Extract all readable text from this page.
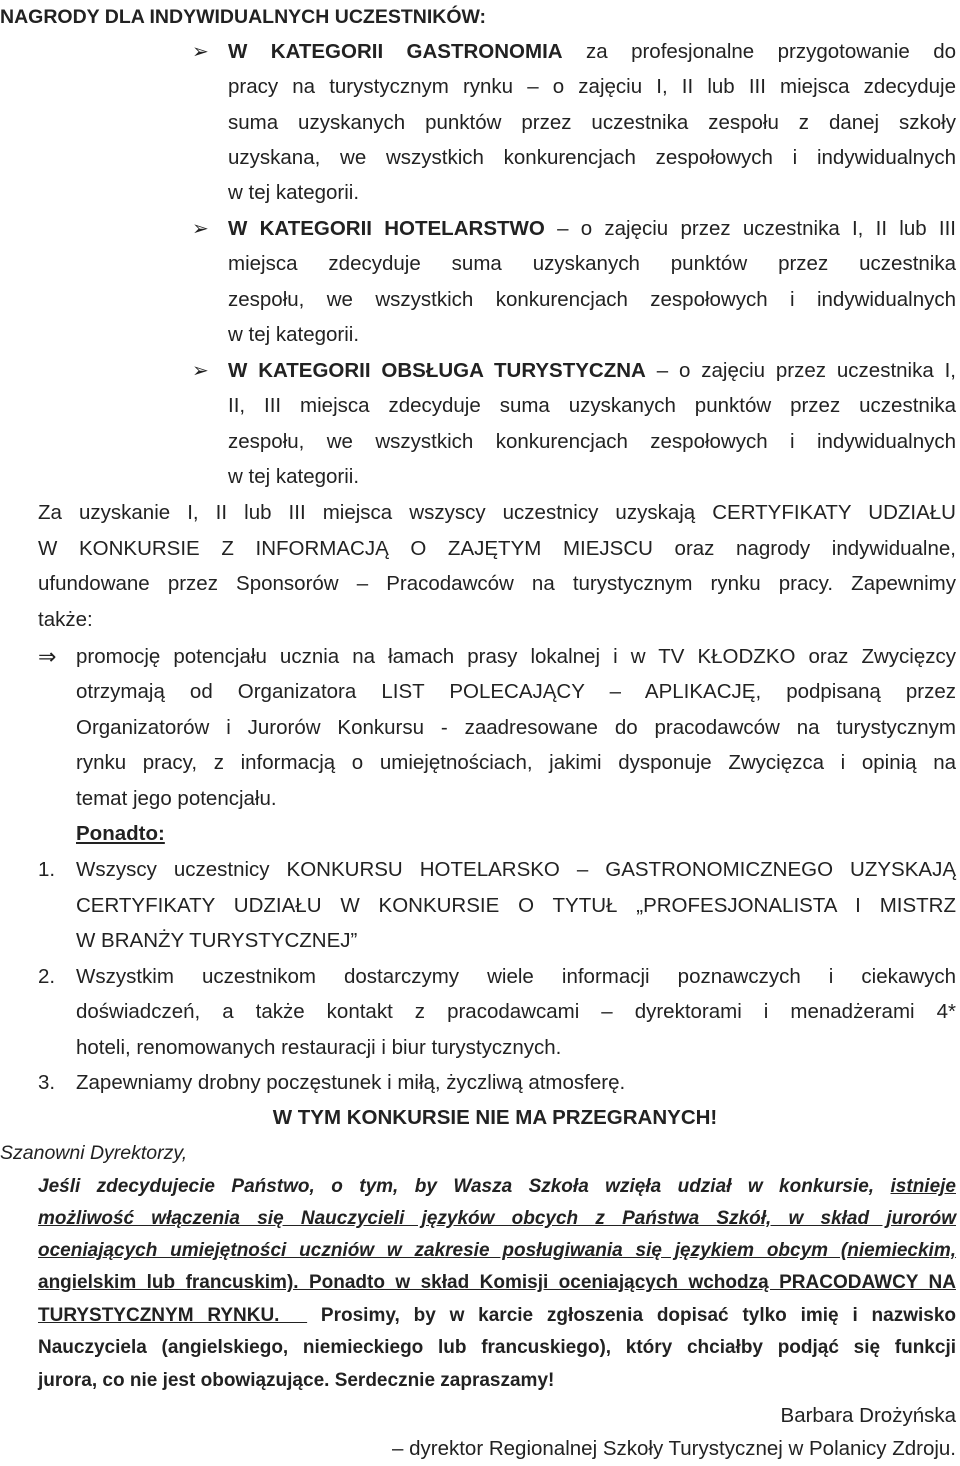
NAGRODY DLA INDYWIDUALNYCH UCZESTNIKÓW:
➢ W KATEGORII GASTRONOMIA za profesjonalne przygotowanie do
pracy na turystycznym rynku – o zajęciu I, II lub III miejsca zdecyduje
suma uzyskanych punktów przez uczestnika zespołu z danej szkoły
uzyskana, we wszystkich konkurencjach zespołowych i indywidualnych
w tej kategorii.
➢ W KATEGORII HOTELARSTWO – o zajęciu przez uczestnika I, II lub III
miejsca zdecyduje suma uzyskanych punktów przez uczestnika
zespołu, we wszystkich konkurencjach zespołowych i indywidualnych
w tej kategorii.
➢ W KATEGORII OBSŁUGA TURYSTYCZNA – o zajęciu przez uczestnika I,
II, III miejsca zdecyduje suma uzyskanych punktów przez uczestnika
zespołu, we wszystkich konkurencjach zespołowych i indywidualnych
w tej kategorii.
Za uzyskanie I, II lub III miejsca wszyscy uczestnicy uzyskają CERTYFIKATY UDZIAŁU
W KONKURSIE Z INFORMACJĄ O ZAJĘTYM MIEJSCU oraz nagrody indywidualne,
ufundowane przez Sponsorów – Pracodawców na turystycznym rynku pracy. Zapewnimy
także:
⇒ promocję potencjału ucznia na łamach prasy lokalnej i w TV KŁODZKO oraz Zwycięzcy
otrzymają od Organizatora LIST POLECAJĄCY – APLIKACJĘ, podpisaną przez
Organizatorów i Jurorów Konkursu - zaadresowane do pracodawców na turystycznym
rynku pracy, z informacją o umiejętnościach, jakimi dysponuje Zwycięzca i opinią na
temat jego potencjału.
Ponadto:
1. Wszyscy uczestnicy KONKURSU HOTELARSKO – GASTRONOMICZNEGO UZYSKAJĄ
CERTYFIKATY UDZIAŁU W KONKURSIE O TYTUŁ „PROFESJONALISTA I MISTRZ
W BRANŻY TURYSTYCZNEJ”
2. Wszystkim uczestnikom dostarczymy wiele informacji poznawczych i ciekawych
doświadczeń, a także kontakt z pracodawcami – dyrektorami i menadżerami 4*
hoteli, renomowanych restauracji i biur turystycznych.
3. Zapewniamy drobny poczęstunek i miłą, życzliwą atmosferę.
W TYM KONKURSIE NIE MA PRZEGRANYCH!
Szanowni Dyrektorzy,
Jeśli zdecydujecie Państwo, o tym, by Wasza Szkoła wzięła udział w konkursie, istnieje
możliwość włączenia się Nauczycieli języków obcych z Państwa Szkół, w skład jurorów
oceniających umiejętności uczniów w zakresie posługiwania się językiem obcym (niemieckim,
angielskim lub francuskim). Ponadto w skład Komisji oceniających wchodzą PRACODAWCY NA
TURYSTYCZNYM RYNKU.   Prosimy, by w karcie zgłoszenia dopisać tylko imię i nazwisko
Nauczyciela (angielskiego, niemieckiego lub francuskiego), który chciałby podjąć się funkcji
jurora, co nie jest obowiązujące. Serdecznie zapraszamy!
Barbara Drożyńska
– dyrektor Regionalnej Szkoły Turystycznej w Polanicy Zdroju.
